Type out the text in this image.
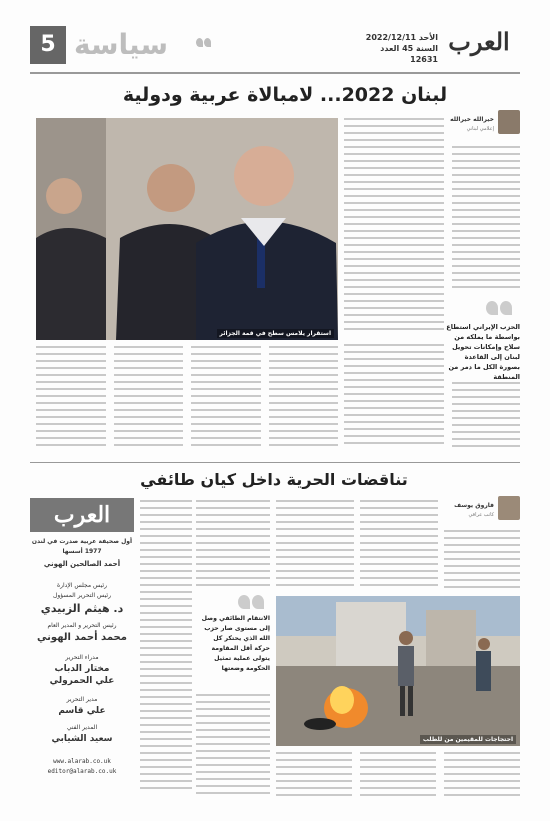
5 سياسة	الأحد 2022/12/11
السنة 45 العدد 12631
العرب
لبنان 2022... لامبالاة عربية ودولية
خيرالله خيرالله
إعلامي لبناني
الحزب الإيراني استطاع بواسطة ما يملكه من سلاح وإمكانات تحويل لبنان إلى القاعدة بصورة الكل ما دمر من المنطقة
استقرار يلامس سطح في قمة الجزائر
تناقضات الحرية داخل كيان طائفي
فاروق يوسف
كاتب عراقي
الانتقام الطائفي وصل إلى مستوى صار حزب الله الذي يحتكر كل حركة أقل المقاومة يتولى عملية تمثيل الحكومة وضعتها
احتجاجات للمقيمين من للطلب
العرب
أول صحيفة عربية صدرت في لندن
1977 أسسها
أحمد الصالحين الهوني
رئيس مجلس الإدارة
رئيس التحرير المسؤول
د. هيثم الزبيدي
رئيس التحرير و المدير العام
محمد أحمد الهوني
مدراء التحرير
مختار الدباب
علي الحمرولي
مدير التحرير
علي قاسم
المدير الفني
سعيد الشيابي
www.alarab.co.uk
editor@alarab.co.uk
